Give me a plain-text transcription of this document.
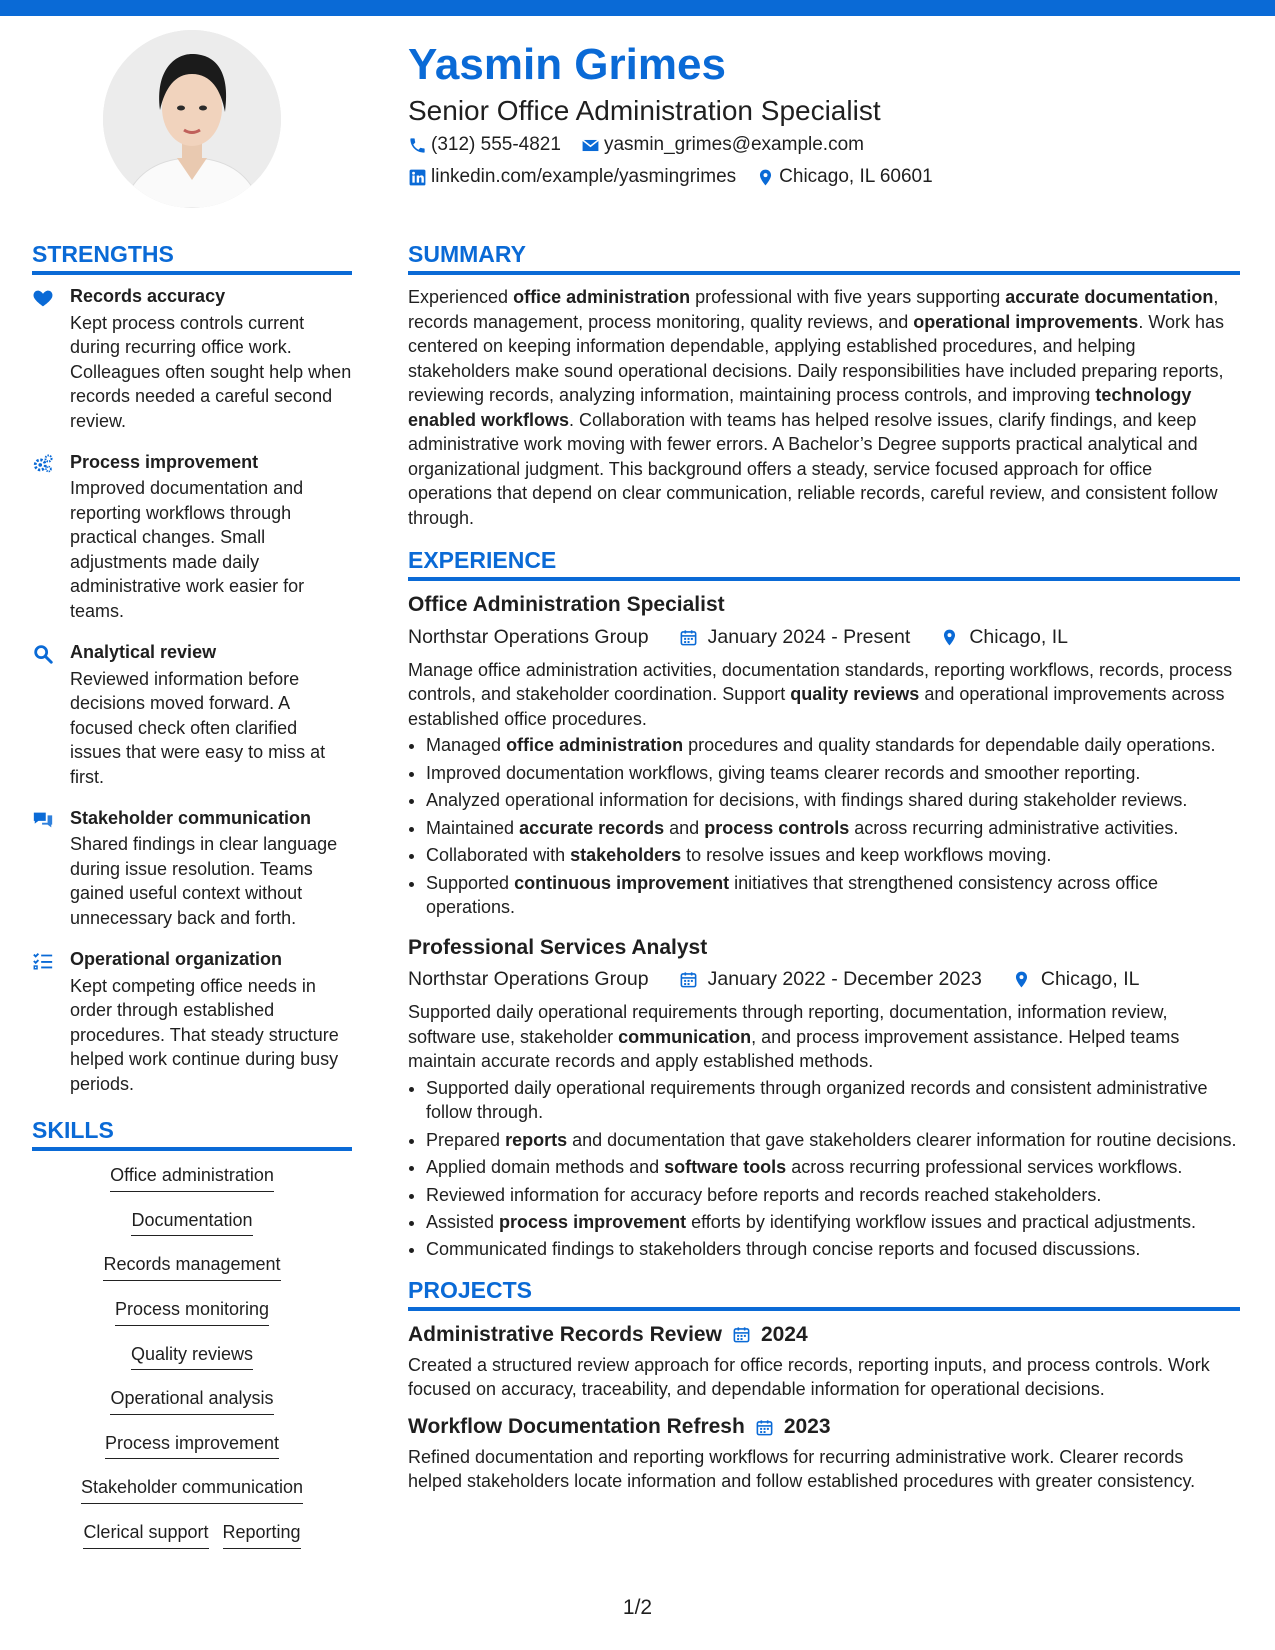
Yasmin Grimes
Senior Office Administration Specialist
(312) 555-4821 yasmin_grimes@example.com
linkedin.com/example/yasmingrimes Chicago, IL 60601
STRENGTHS
Records accuracy
Kept process controls current during recurring office work. Colleagues often sought help when records needed a careful second review.
Process improvement
Improved documentation and reporting workflows through practical changes. Small adjustments made daily administrative work easier for teams.
Analytical review
Reviewed information before decisions moved forward. A focused check often clarified issues that were easy to miss at first.
Stakeholder communication
Shared findings in clear language during issue resolution. Teams gained useful context without unnecessary back and forth.
Operational organization
Kept competing office needs in order through established procedures. That steady structure helped work continue during busy periods.
SKILLS
Office administration
Documentation
Records management
Process monitoring
Quality reviews
Operational analysis
Process improvement
Stakeholder communication
Clerical support Reporting
SUMMARY

Experienced office administration professional with five years supporting accurate documentation, records management, process monitoring, quality reviews, and operational improvements. Work has centered on keeping information dependable, applying established procedures, and helping stakeholders make sound operational decisions. Daily responsibilities have included preparing reports, reviewing records, analyzing information, maintaining process controls, and improving technology enabled workflows. Collaboration with teams has helped resolve issues, clarify findings, and keep administrative work moving with fewer errors. A Bachelor’s Degree supports practical analytical and organizational judgment. This background offers a steady, service focused approach for office operations that depend on clear communication, reliable records, careful review, and consistent follow through.

EXPERIENCE
Office Administration Specialist
Northstar Operations Group	January 2024 - Present	Chicago, IL

Manage office administration activities, documentation standards, reporting workflows, records, process controls, and stakeholder coordination. Support quality reviews and operational improvements across established office procedures.

• Managed office administration procedures and quality standards for dependable daily operations.
• Improved documentation workflows, giving teams clearer records and smoother reporting.
• Analyzed operational information for decisions, with findings shared during stakeholder reviews.
• Maintained accurate records and process controls across recurring administrative activities.
• Collaborated with stakeholders to resolve issues and keep workflows moving.
• Supported continuous improvement initiatives that strengthened consistency across office operations.
Professional Services Analyst
Northstar Operations Group	January 2022 - December 2023	Chicago, IL

Supported daily operational requirements through reporting, documentation, information review, software use, stakeholder communication, and process improvement assistance. Helped teams maintain accurate records and apply established methods.

• Supported daily operational requirements through organized records and consistent administrative follow through.
• Prepared reports and documentation that gave stakeholders clearer information for routine decisions.
• Applied domain methods and software tools across recurring professional services workflows.
• Reviewed information for accuracy before reports and records reached stakeholders.
• Assisted process improvement efforts by identifying workflow issues and practical adjustments.
• Communicated findings to stakeholders through concise reports and focused discussions.
PROJECTS
Administrative Records Review 2024

Created a structured review approach for office records, reporting inputs, and process controls. Work focused on accuracy, traceability, and dependable information for operational decisions.

Workflow Documentation Refresh 2023

Refined documentation and reporting workflows for recurring administrative work. Clearer records helped stakeholders locate information and follow established procedures with greater consistency.

1/2
